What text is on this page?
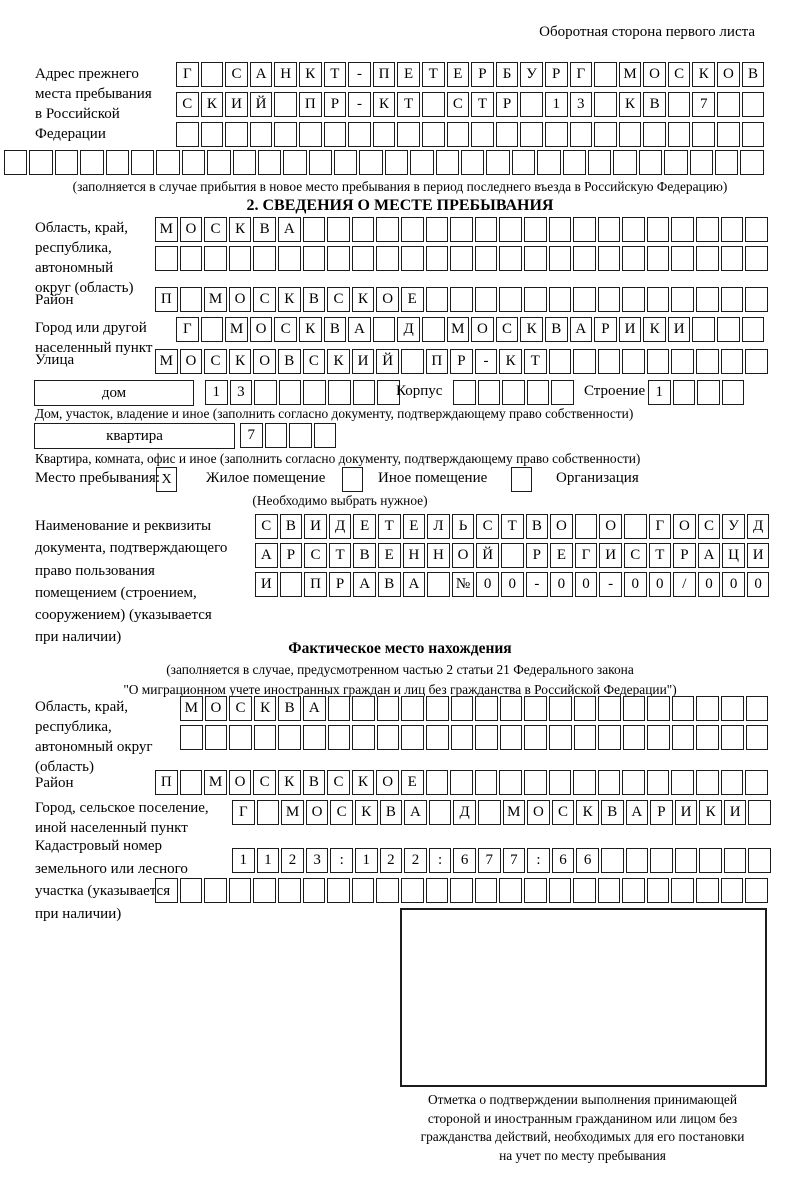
Оборотная сторона первого листа
Адрес прежнего
места пребывания
в Российской
Федерации
Г	С А Н К	Т	-	П Е	Т	Е	Р	Б У	Р	Г	М О С К О В
С К И Й	П	Р	-	К	Т	С	Т	Р	1	3	К В	7
(заполняется в случае прибытия в новое место пребывания в период последнего въезда в Российскую Федерацию)
2. СВЕДЕНИЯ О МЕСТЕ ПРЕБЫВАНИЯ
Область, край,
республика,
автономный
округ (область)
М О С К В А
Район	П	М О С К В С К О Е
Город или другой
населенный пункт
Г	М О С К В А	Д	М О С К В А	Р	И К И
Улица	М О С К О В С К И Й	П	Р	-	К	Т
дом	1	3	Корпус	Строение 1
Дом, участок, владение и иное (заполнить согласно документу, подтверждающему право собственности)
квартира	7
Квартира, комната, офис и иное (заполнить согласно документу, подтверждающему право собственности)
Место пребывания: X	Жилое помещение	Иное помещение	Организация
(Необходимо выбрать нужное)
Наименование и реквизиты
документа, подтверждающего
право пользования
помещением (строением,
сооружением) (указывается
при наличии)
С В И Д Е	Т	Е Л	Ь	С	Т	В О	О	Г О С У Д
А	Р	С	Т	В	Е Н Н О Й	Р	Е	Г И С	Т	Р	А Ц И
И	П	Р	А В А	№ 0	0	-	0	0	-	0	0	/	0	0	0
Фактическое место нахождения
(заполняется в случае, предусмотренном частью 2 статьи 21 Федерального закона
"О миграционном учете иностранных граждан и лиц без гражданства в Российской Федерации")
Область, край,
республика,
автономный округ
(область)
М О С К В А
Район	П	М О С К В С К О Е
Город, сельское поселение,
иной населенный пункт
Г	М О С К В А	Д	М О С К В А	Р	И К И
Кадастровый номер
земельного или лесного
участка (указывается
при наличии)
1	1	2	3	:	1	2	2	:	6	7	7	:	6	6
Отметка о подтверждении выполнения принимающей
стороной и иностранным гражданином или лицом без
гражданства действий, необходимых для его постановки
на учет по месту пребывания
